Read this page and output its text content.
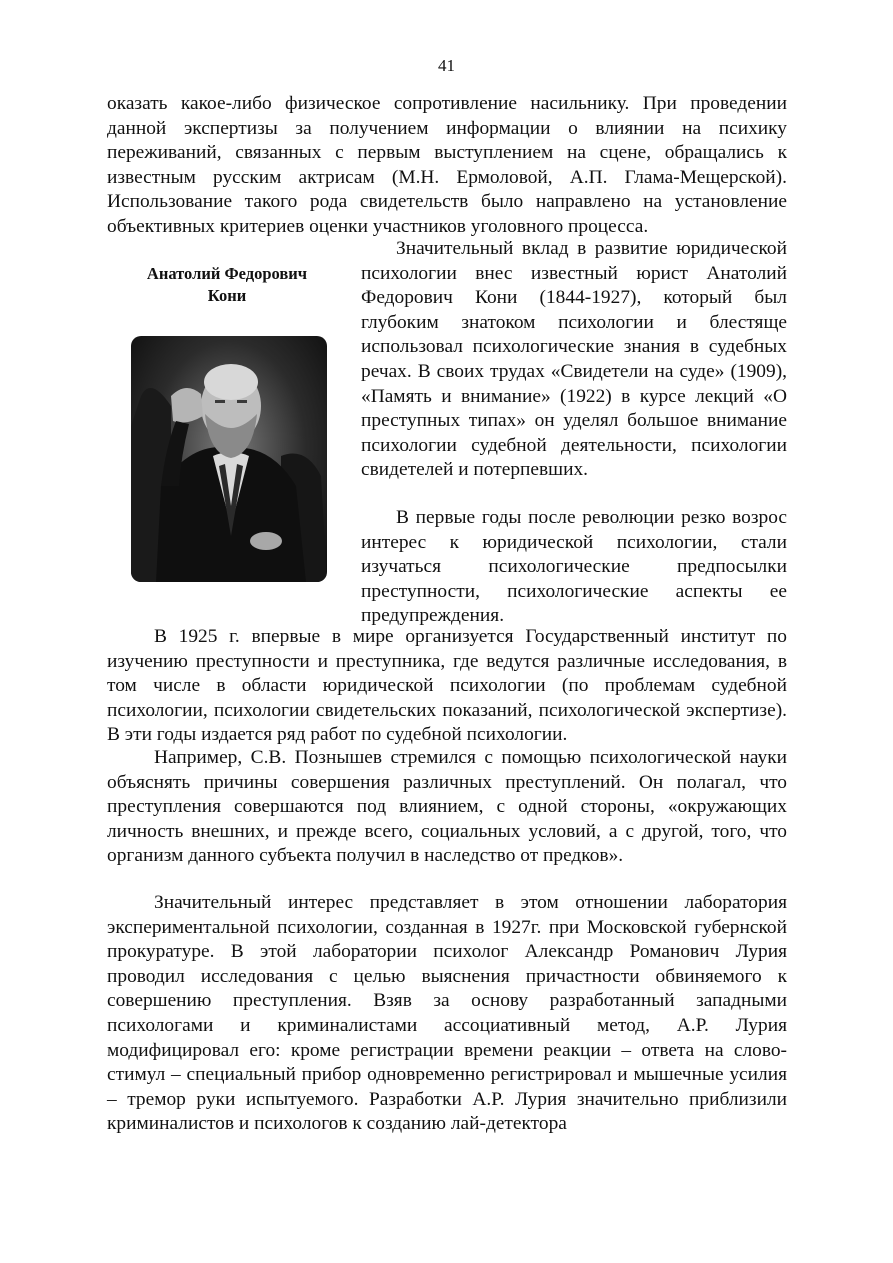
41

оказать какое-либо физическое сопротивление насильнику. При проведении данной экспертизы за получением информации о влиянии на психику переживаний, связанных с первым выступлением на сцене, обращались к известным русским актрисам (М.Н. Ермоловой, А.П. Глама-Мещерской). Использование такого рода свидетельств было направлено на установление объективных критериев оценки участников уголовного процесса.

Анатолий Федорович
Кони

Значительный вклад в развитие юридической психологии внес известный юрист Анатолий Федорович Кони (1844-1927), который был глубоким знатоком психологии и блестяще использовал психологические знания в судебных речах. В своих трудах «Свидетели на суде» (1909), «Память и внимание» (1922) в курсе лекций «О преступных типах» он уделял большое внимание психологии судебной деятельности, психологии свидетелей и потерпевших.

В первые годы после революции резко возрос интерес к юридической психологии, стали изучаться психологические предпосылки преступности, психологические аспекты ее предупреждения.

В 1925 г. впервые в мире организуется Государственный институт по изучению преступности и преступника, где ведутся различные исследования, в том числе в области юридической психологии (по проблемам судебной психологии, психологии свидетельских показаний, психологической экспертизе). В эти годы издается ряд работ по судебной психологии.

Например, С.В. Познышев стремился с помощью психологической науки объяснять причины совершения различных преступлений. Он полагал, что преступления совершаются под влиянием, с одной стороны, «окружающих личность внешних, и прежде всего, социальных условий, а с другой, того, что организм данного субъекта получил в наследство от предков».

Значительный интерес представляет в этом отношении лаборатория экспериментальной психологии, созданная в 1927г. при Московской губернской прокуратуре. В этой лаборатории психолог Александр Романович Лурия проводил исследования с целью выяснения причастности обвиняемого к совершению преступления. Взяв за основу разработанный западными психологами и криминалистами ассоциативный метод, А.Р. Лурия модифицировал его: кроме регистрации времени реакции – ответа на слово-стимул – специальный прибор одновременно регистрировал и мышечные усилия – тремор руки испытуемого. Разработки А.Р. Лурия значительно приблизили криминалистов и психологов к созданию лай-детектора
